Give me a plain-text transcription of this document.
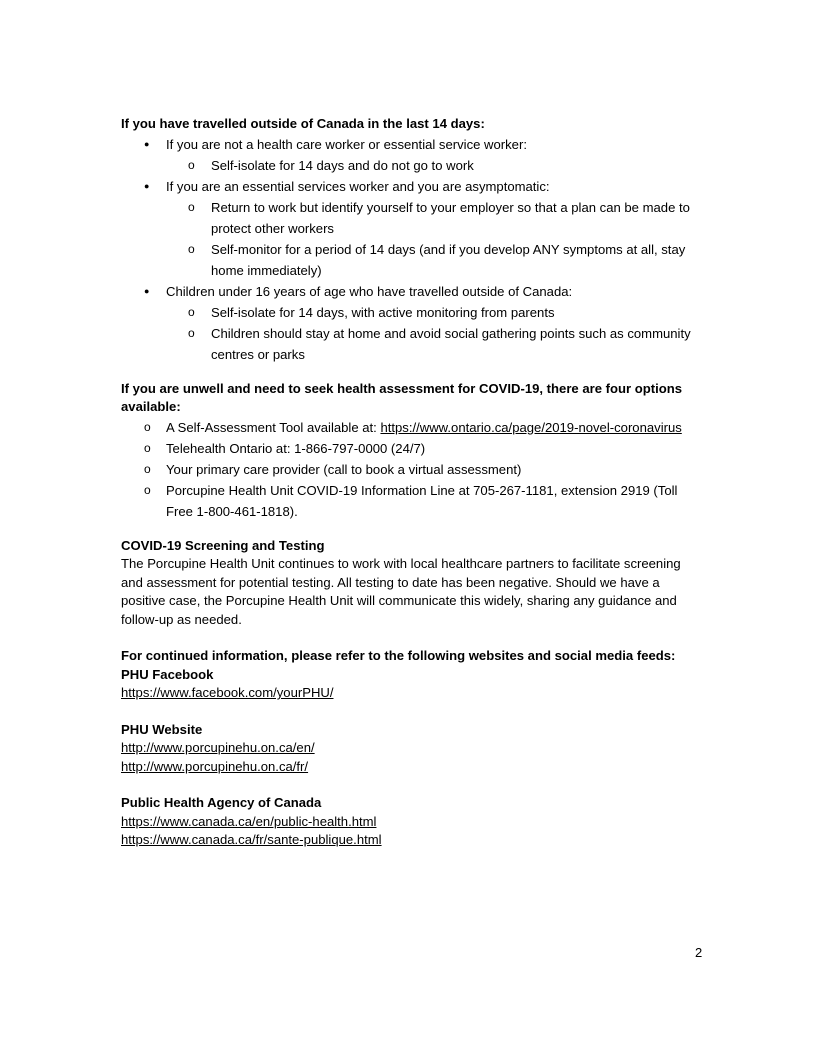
If you have travelled outside of Canada in the last 14 days:
● If you are not a health care worker or essential service worker:
o Self-isolate for 14 days and do not go to work
● If you are an essential services worker and you are asymptomatic:
o Return to work but identify yourself to your employer so that a plan can be made to protect other workers
o Self-monitor for a period of 14 days (and if you develop ANY symptoms at all, stay home immediately)
● Children under 16 years of age who have travelled outside of Canada:
o Self-isolate for 14 days, with active monitoring from parents
o Children should stay at home and avoid social gathering points such as community centres or parks
If you are unwell and need to seek health assessment for COVID-19, there are four options available:
o A Self-Assessment Tool available at: https://www.ontario.ca/page/2019-novel-coronavirus
o Telehealth Ontario at: 1-866-797-0000 (24/7)
o Your primary care provider (call to book a virtual assessment)
o Porcupine Health Unit COVID-19 Information Line at 705-267-1181, extension 2919 (Toll Free 1-800-461-1818).
COVID-19 Screening and Testing
The Porcupine Health Unit continues to work with local healthcare partners to facilitate screening and assessment for potential testing. All testing to date has been negative. Should we have a positive case, the Porcupine Health Unit will communicate this widely, sharing any guidance and follow-up as needed.
For continued information, please refer to the following websites and social media feeds:
PHU Facebook
https://www.facebook.com/yourPHU/
PHU Website
http://www.porcupinehu.on.ca/en/
http://www.porcupinehu.on.ca/fr/
Public Health Agency of Canada
https://www.canada.ca/en/public-health.html
https://www.canada.ca/fr/sante-publique.html
2
